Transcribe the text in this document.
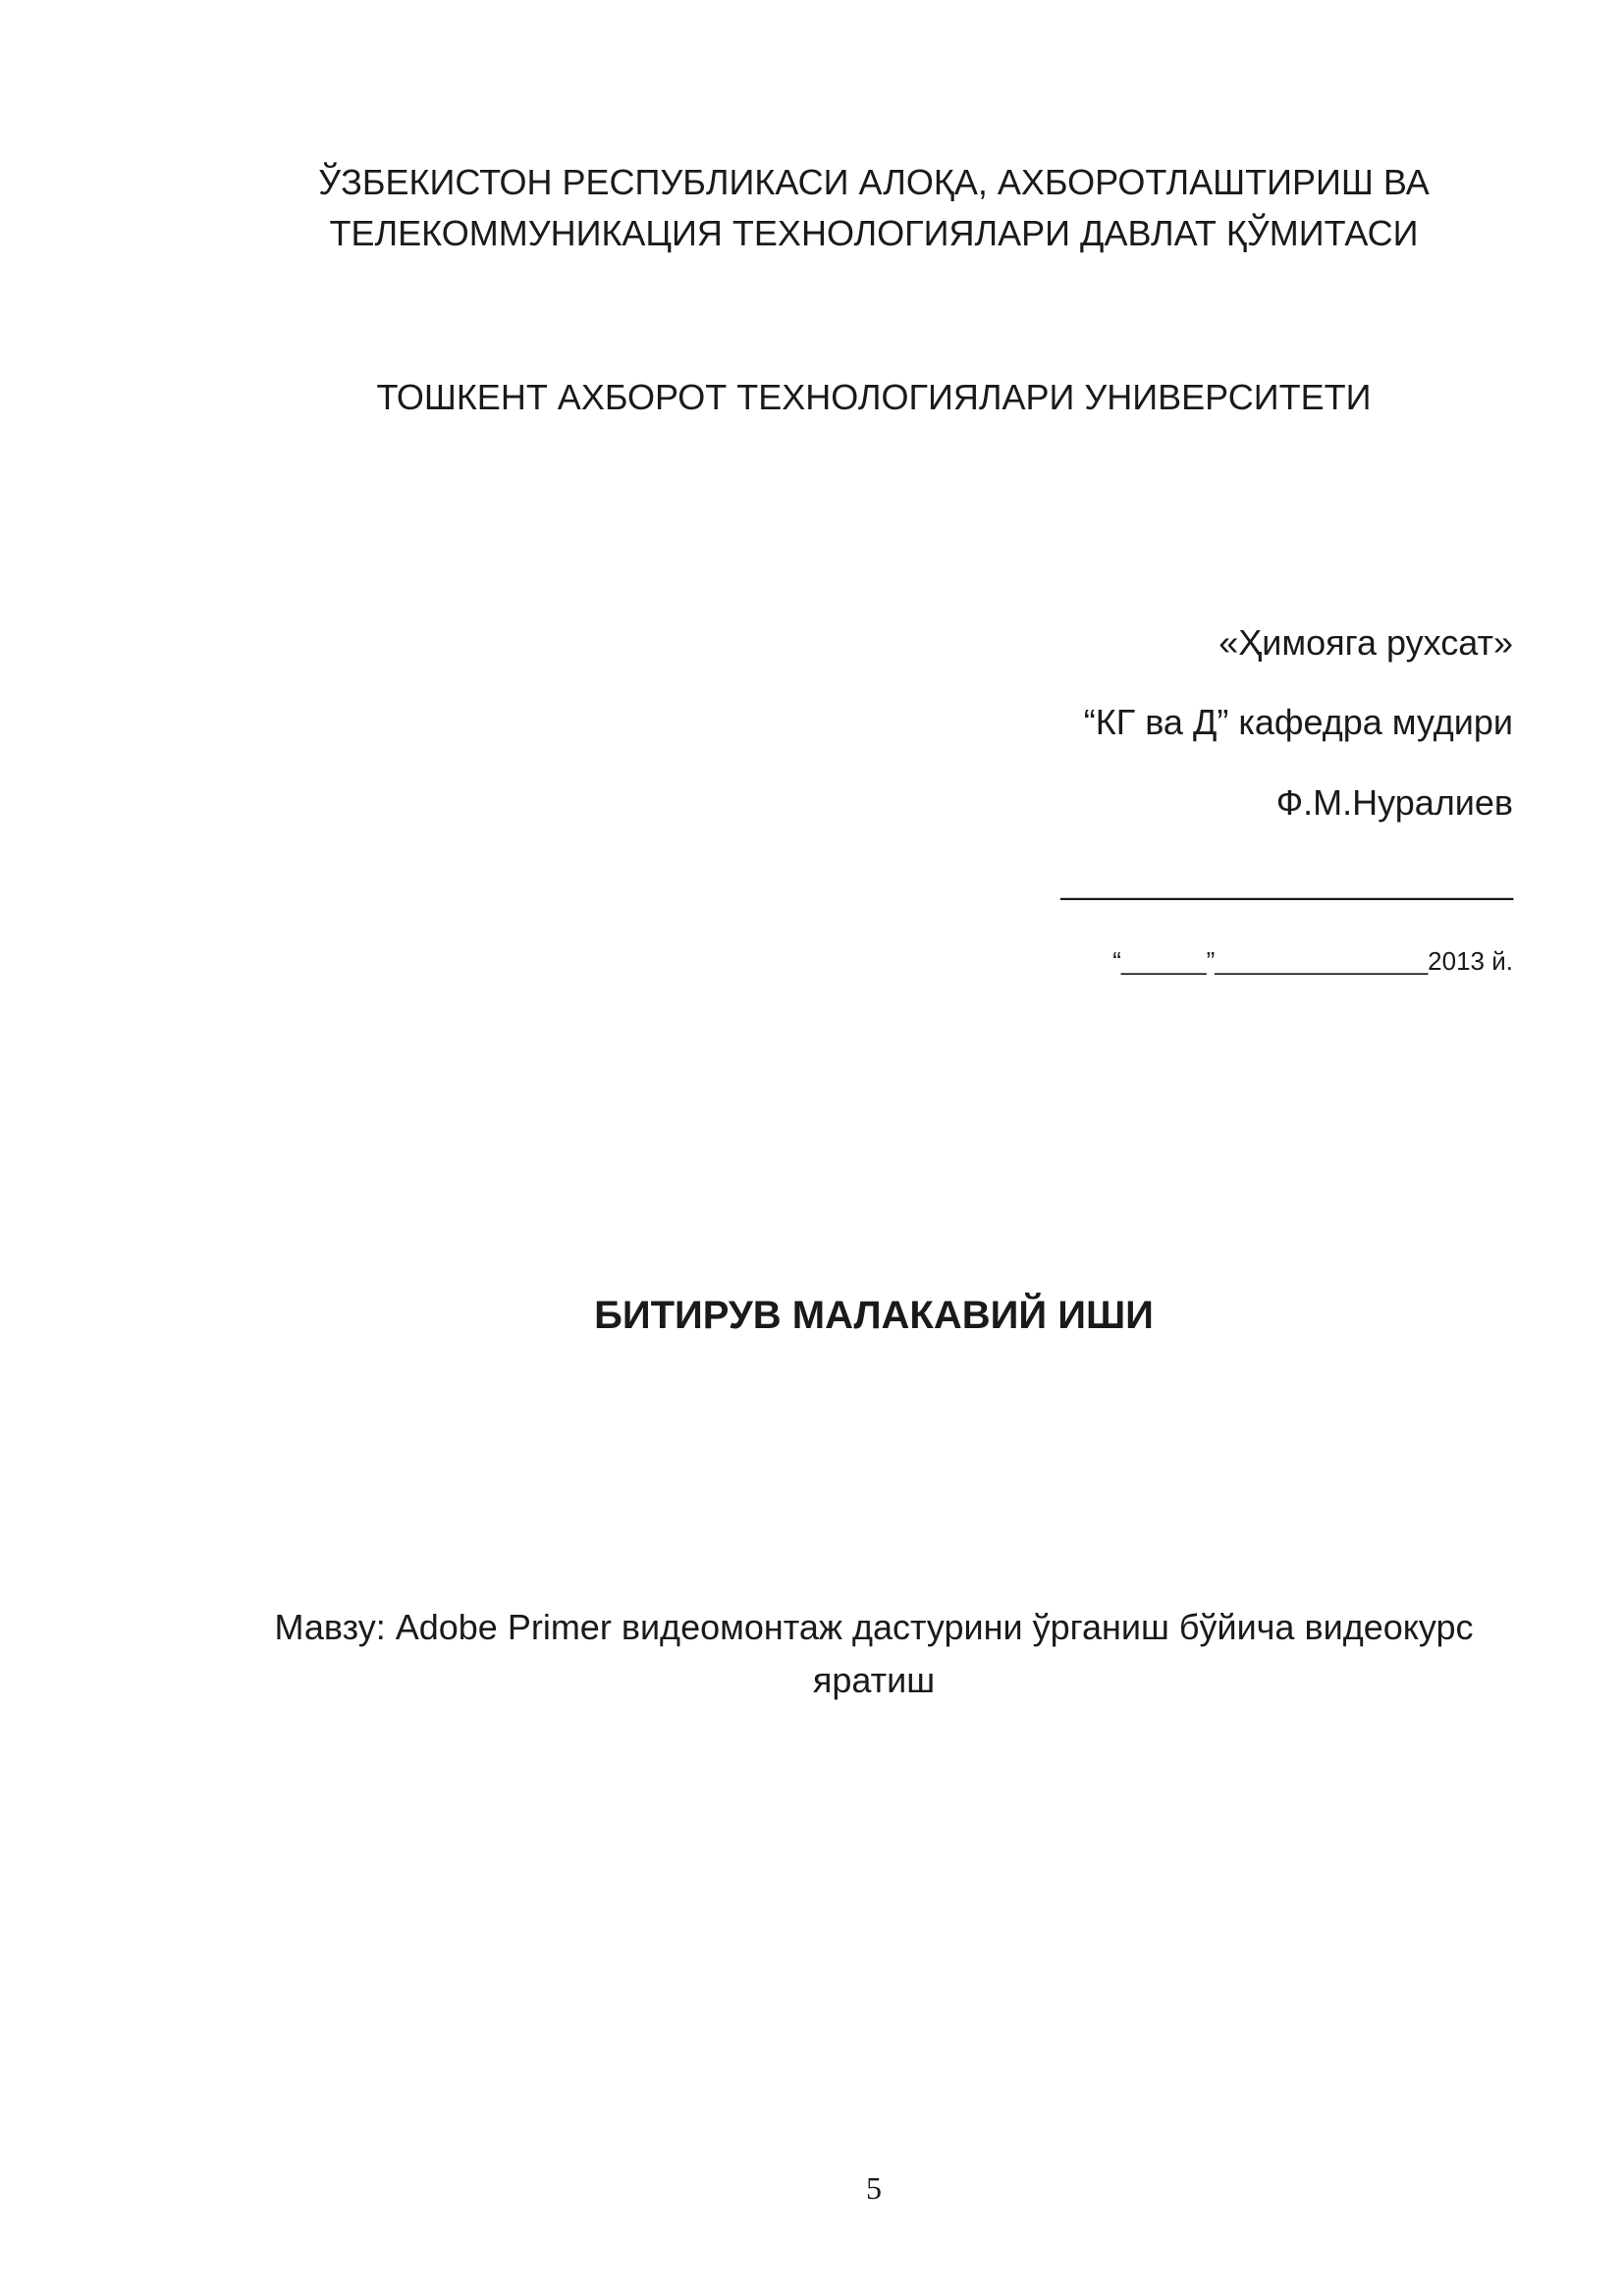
ЎЗБЕКИСТОН РЕСПУБЛИКАСИ АЛОҚА, АХБОРОТЛАШТИРИШ ВА
ТЕЛЕКОММУНИКАЦИЯ ТЕХНОЛОГИЯЛАРИ ДАВЛАТ ҚЎМИТАСИ
ТОШКЕНТ АХБОРОТ ТЕХНОЛОГИЯЛАРИ УНИВЕРСИТЕТИ
«Ҳимояга рухсат»
“КГ ва Д” кафедра мудири
Ф.М.Нуралиев
_______________________
“______”_______________2013 й.
БИТИРУВ МАЛАКАВИЙ ИШИ
Мавзу: Adobe Primer видеомонтаж дастурини ўрганиш бўйича видеокурс
яратиш
5
